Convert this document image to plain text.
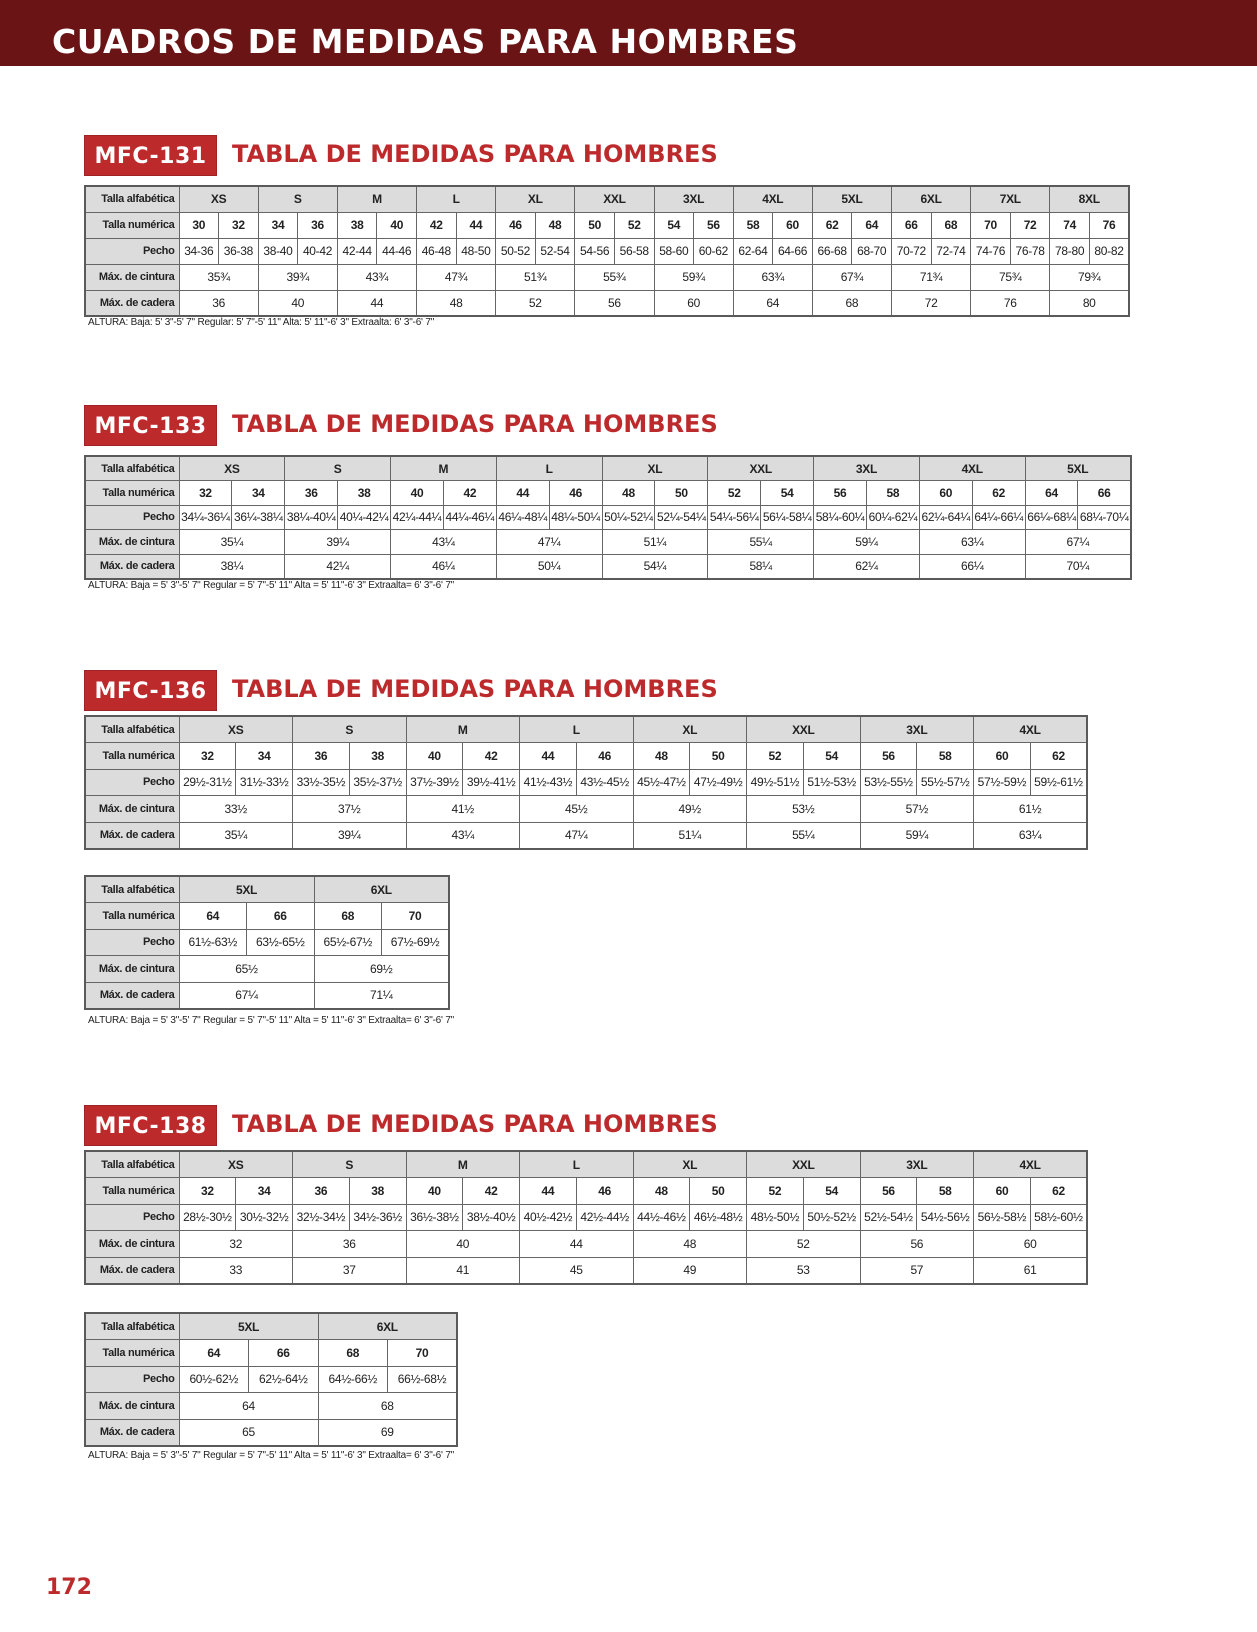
CUADROS DE MEDIDAS PARA HOMBRES
MFC-131	TABLA DE MEDIDAS PARA HOMBRES
Talla alfabética	XS		S		M		L		XL		XXL		3XL		4XL		5XL		6XL		7XL		8XL	
Talla numérica	30	32	34	36	38	40	42	44	46	48	50	52	54	56	58	60	62	64	66	68	70	72	74	76
Pecho	34-36	36-38	38-40	40-42	42-44	44-46	46-48	48-50	50-52	52-54	54-56	56-58	58-60	60-62	62-64	64-66	66-68	68-70	70-72	72-74	74-76	76-78	78-80	80-82
Máx. de cintura	35¾		39¾		43¾		47¾		51¾		55¾		59¾		63¾		67¾		71¾		75¾		79¾	
Máx. de cadera	36		40		44		48		52		56		60		64		68		72		76		80	
ALTURA: Baja: 5' 3"-5' 7" Regular: 5' 7"-5' 11" Alta: 5' 11"-6' 3" Extraalta: 6' 3"-6' 7"
MFC-133	TABLA DE MEDIDAS PARA HOMBRES
Talla alfabética	XS		S		M		L		XL		XXL		3XL		4XL		5XL	
Talla numérica	32	34	36	38	40	42	44	46	48	50	52	54	56	58	60	62	64	66
Pecho	34¼-36¼	36¼-38¼	38¼-40¼	40¼-42¼	42¼-44¼	44¼-46¼	46¼-48¼	48¼-50¼	50¼-52¼	52¼-54¼	54¼-56¼	56¼-58¼	58¼-60¼	60¼-62¼	62¼-64¼	64¼-66¼	66¼-68¼	68¼-70¼
Máx. de cintura	35¼		39¼		43¼		47¼		51¼		55¼		59¼		63¼		67¼	
Máx. de cadera	38¼		42¼		46¼		50¼		54¼		58¼		62¼		66¼		70¼	
ALTURA: Baja = 5' 3"-5' 7" Regular = 5' 7"-5' 11" Alta = 5' 11"-6' 3" Extraalta= 6' 3"-6' 7"
MFC-136	TABLA DE MEDIDAS PARA HOMBRES
Talla alfabética	XS		S		M		L		XL		XXL		3XL		4XL	
Talla numérica	32	34	36	38	40	42	44	46	48	50	52	54	56	58	60	62
Pecho	29½-31½	31½-33½	33½-35½	35½-37½	37½-39½	39½-41½	41½-43½	43½-45½	45½-47½	47½-49½	49½-51½	51½-53½	53½-55½	55½-57½	57½-59½	59½-61½
Máx. de cintura	33½		37½		41½		45½		49½		53½		57½		61½	
Máx. de cadera	35¼		39¼		43¼		47¼		51¼		55¼		59¼		63¼	
Talla alfabética	5XL		6XL	
Talla numérica	64	66	68	70
Pecho	61½-63½	63½-65½	65½-67½	67½-69½
Máx. de cintura	65½		69½	
Máx. de cadera	67¼		71¼	
ALTURA: Baja = 5' 3"-5' 7" Regular = 5' 7"-5' 11" Alta = 5' 11"-6' 3" Extraalta= 6' 3"-6' 7"
MFC-138	TABLA DE MEDIDAS PARA HOMBRES
Talla alfabética	XS		S		M		L		XL		XXL		3XL		4XL	
Talla numérica	32	34	36	38	40	42	44	46	48	50	52	54	56	58	60	62
Pecho	28½-30½	30½-32½	32½-34½	34½-36½	36½-38½	38½-40½	40½-42½	42½-44½	44½-46½	46½-48½	48½-50½	50½-52½	52½-54½	54½-56½	56½-58½	58½-60½
Máx. de cintura	32		36		40		44		48		52		56		60	
Máx. de cadera	33		37		41		45		49		53		57		61	
Talla alfabética	5XL		6XL	
Talla numérica	64	66	68	70
Pecho	60½-62½	62½-64½	64½-66½	66½-68½
Máx. de cintura	64		68	
Máx. de cadera	65		69	
ALTURA: Baja = 5' 3"-5' 7" Regular = 5' 7"-5' 11" Alta = 5' 11"-6' 3" Extraalta= 6' 3"-6' 7"
172
